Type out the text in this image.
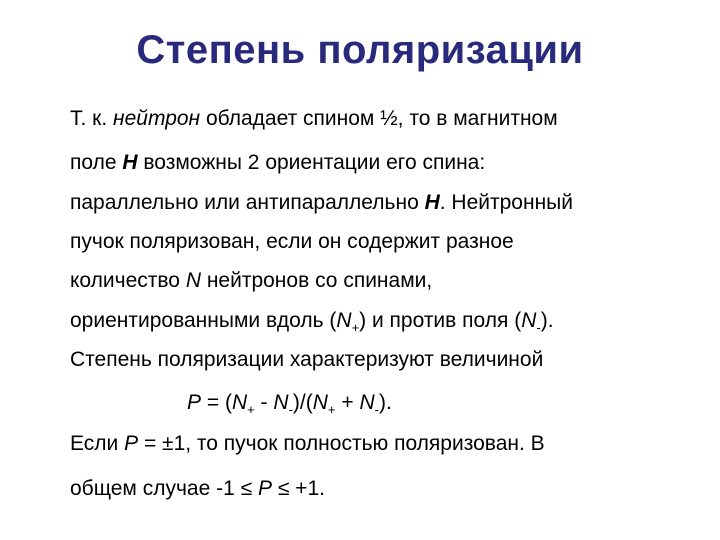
Степень поляризации
Т. к. нейтрон обладает спином ½, то в магнитном
поле H возможны 2 ориентации его спина:
параллельно или антипараллельно H. Нейтронный
пучок поляризован, если он содержит разное
количество N нейтронов со спинами,
ориентированными вдоль $(N_+)$ и против поля $(N_-)$.
Степень поляризации характеризуют величиной
$P = (N_+ - N_-)/(N_+ + N_-)$.
Если P = ±1, то пучок полностью поляризован. В
общем случае -1 ≤ P ≤ +1.
